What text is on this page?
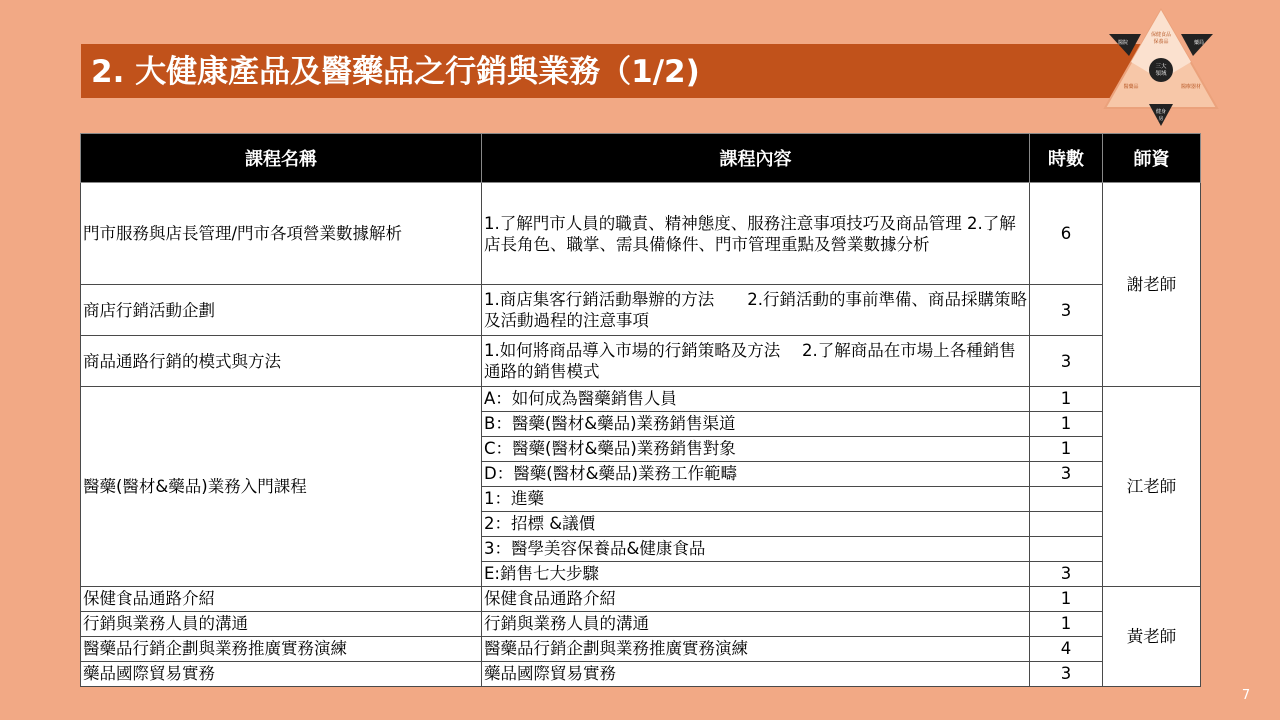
2. 大健康產品及醫藥品之行銷與業務（1/2)	三大
領域
保健食品
保養品
醫院	藥局
醫藥品	醫療器材
健身
房
課程名稱	課程內容	時數	師資
門市服務與店長管理/門市各項營業數據解析	1.了解門市人員的職責、精神態度、服務注意事項技巧及商品管理 2.了解店長角色、職掌、需具備條件、門市管理重點及營業數據分析	6	謝老師
商店行銷活動企劃	1.商店集客行銷活動舉辦的方法　　2.行銷活動的事前準備、商品採購策略及活動過程的注意事項	3	
商品通路行銷的模式與方法	1.如何將商品導入市場的行銷策略及方法　 2.了解商品在市場上各種銷售通路的銷售模式	3	
醫藥(醫材&藥品)業務入門課程	A：如何成為醫藥銷售人員	1	江老師
	B：醫藥(醫材&藥品)業務銷售渠道	1	
	C：醫藥(醫材&藥品)業務銷售對象	1	
	D：醫藥(醫材&藥品)業務工作範疇	3	
	1：進藥		
	2：招標 &議價		
	3：醫學美容保養品&健康食品		
	E:銷售七大步驟	3	
保健食品通路介紹	保健食品通路介紹	1	黃老師
行銷與業務人員的溝通	行銷與業務人員的溝通	1	
醫藥品行銷企劃與業務推廣實務演練	醫藥品行銷企劃與業務推廣實務演練	4	
藥品國際貿易實務	藥品國際貿易實務	3	
7
